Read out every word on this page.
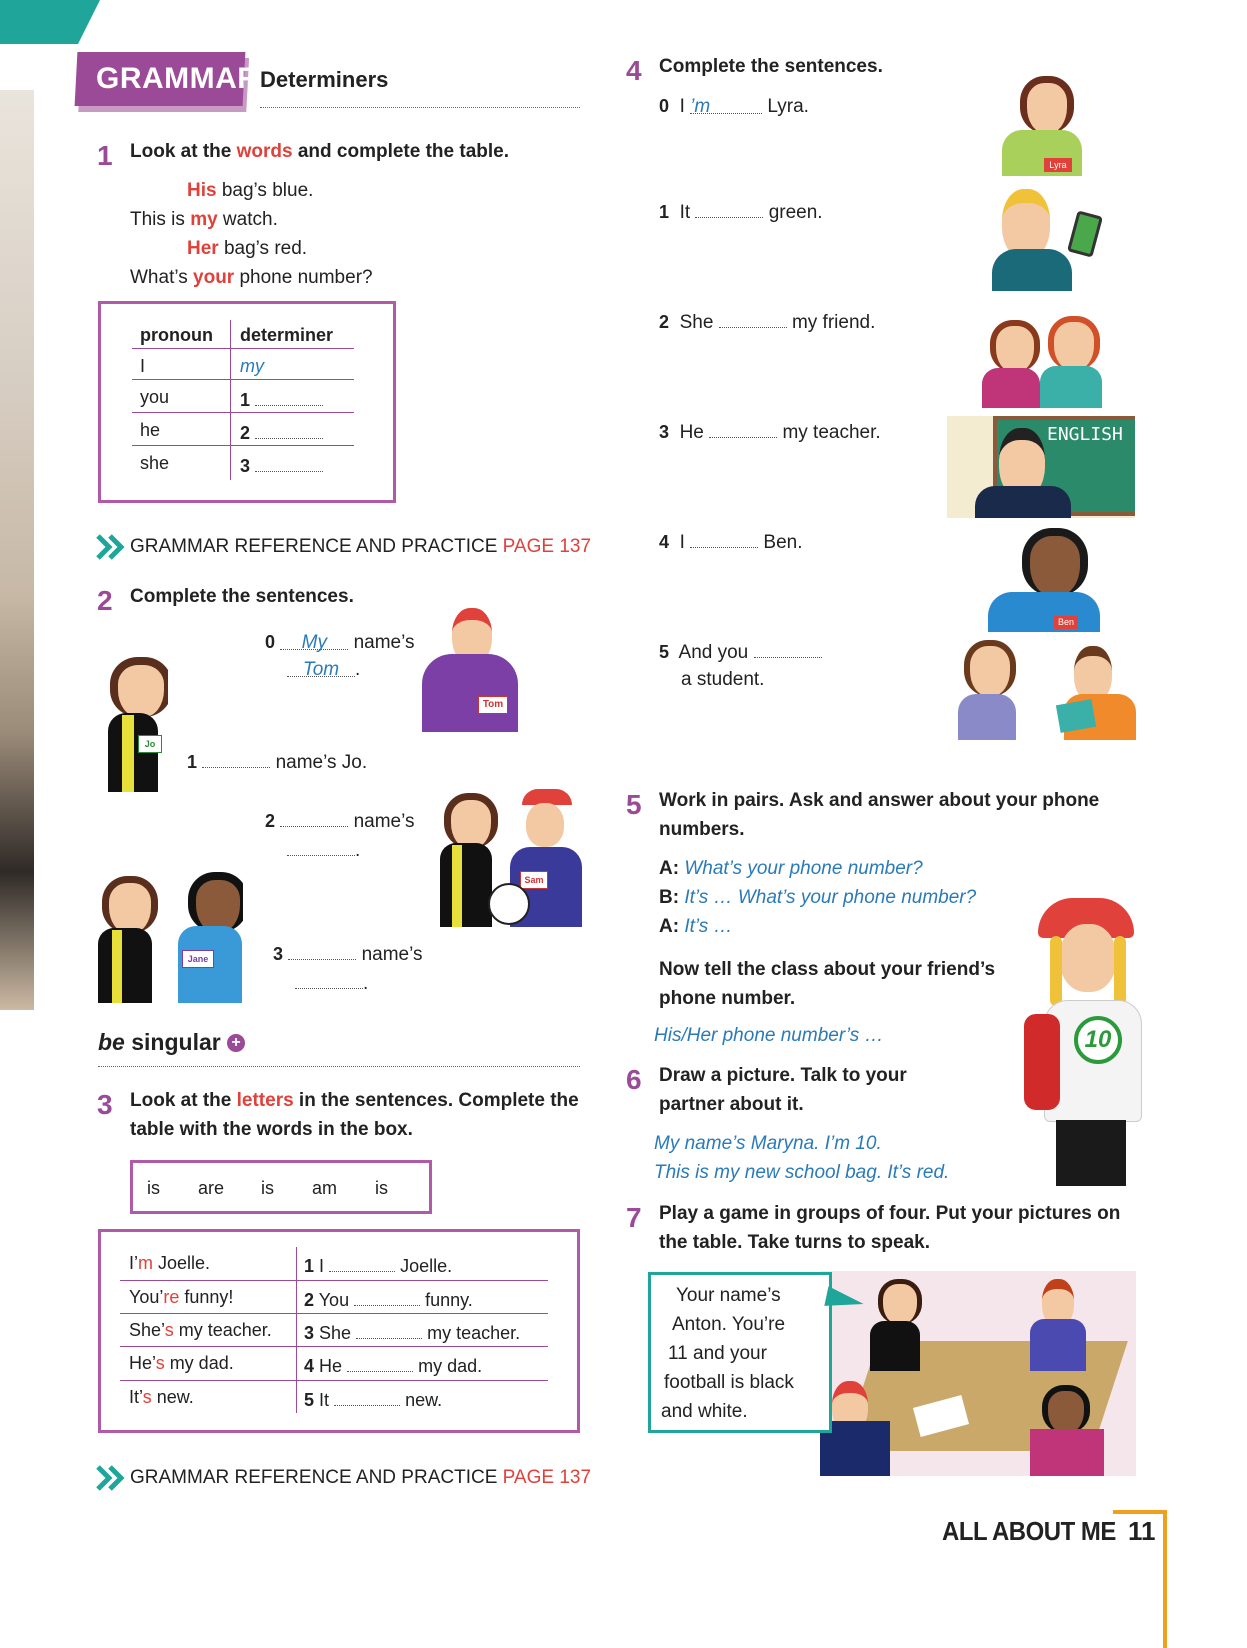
GRAMMAR Determiners
1 Look at the words and complete the table.
His bag’s blue.
This is my watch.
Her bag’s red.
What’s your phone number?
pronoun determiner
I	my
you	1
he	2
she	3
GRAMMAR REFERENCE AND PRACTICE PAGE 137
2 Complete the sentences.
0 My name’s
Tom .
1	name’s Jo.
2	name’s
.
3	name’s
.
Tom
Jo
Sam
Jane
be singular +
3 Look at the letters in the sentences. Complete the
table with the words in the box.
is are is am is
I’m Joelle.	1 I	Joelle.
You’re funny!	2 You	funny.
She’s my teacher. 3 She	my teacher.
He’s my dad.	4 He	my dad.
It’s new.	5 It	new.
GRAMMAR REFERENCE AND PRACTICE PAGE 137
4 Complete the sentences.
0 I ’m	Lyra.
1 It	green.
2 She	my friend.
3 He	my teacher.
4 I	Ben.
5 And you
a student.
Lyra
ENGLISH
Ben
5 Work in pairs. Ask and answer about your phone
numbers.
A: What’s your phone number?
B: It’s … What’s your phone number?
A: It’s …
Now tell the class about your friend’s
phone number.
His/Her phone number’s …	10
6 Draw a picture. Talk to your
partner about it.
My name’s Maryna. I’m 10.
This is my new school bag. It’s red.
7 Play a game in groups of four. Put your pictures on
the table. Take turns to speak.
Your name’s
Anton. You’re
11 and your
football is black
and white.
ALL ABOUT ME 11
